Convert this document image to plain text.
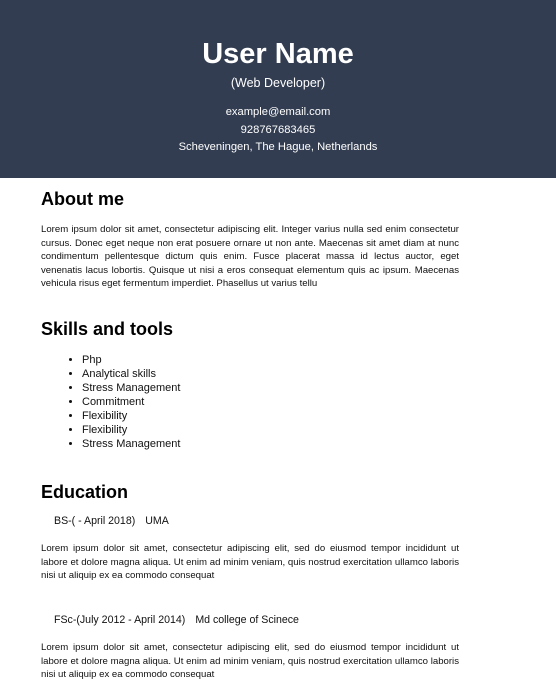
User Name
(Web Developer)
example@email.com
928767683465
Scheveningen, The Hague, Netherlands
About me

Lorem ipsum dolor sit amet, consectetur adipiscing elit. Integer varius nulla sed enim consectetur cursus. Donec eget neque non erat posuere ornare ut non ante. Maecenas sit amet diam at nunc condimentum pellentesque dictum quis enim. Fusce placerat massa id lectus auctor, eget venenatis lacus lobortis. Quisque ut nisi a eros consequat elementum quis ac ipsum. Maecenas vehicula risus eget fermentum imperdiet. Phasellus ut varius tellu

Skills and tools
• Php
• Analytical skills
• Stress Management
• Commitment
• Flexibility
• Flexibility
• Stress Management
Education
BS-( - April 2018) UMA

Lorem ipsum dolor sit amet, consectetur adipiscing elit, sed do eiusmod tempor incididunt ut labore et dolore magna aliqua. Ut enim ad minim veniam, quis nostrud exercitation ullamco laboris nisi ut aliquip ex ea commodo consequat

FSc-(July 2012 - April 2014) Md college of Scinece

Lorem ipsum dolor sit amet, consectetur adipiscing elit, sed do eiusmod tempor incididunt ut labore et dolore magna aliqua. Ut enim ad minim veniam, quis nostrud exercitation ullamco laboris nisi ut aliquip ex ea commodo consequat
